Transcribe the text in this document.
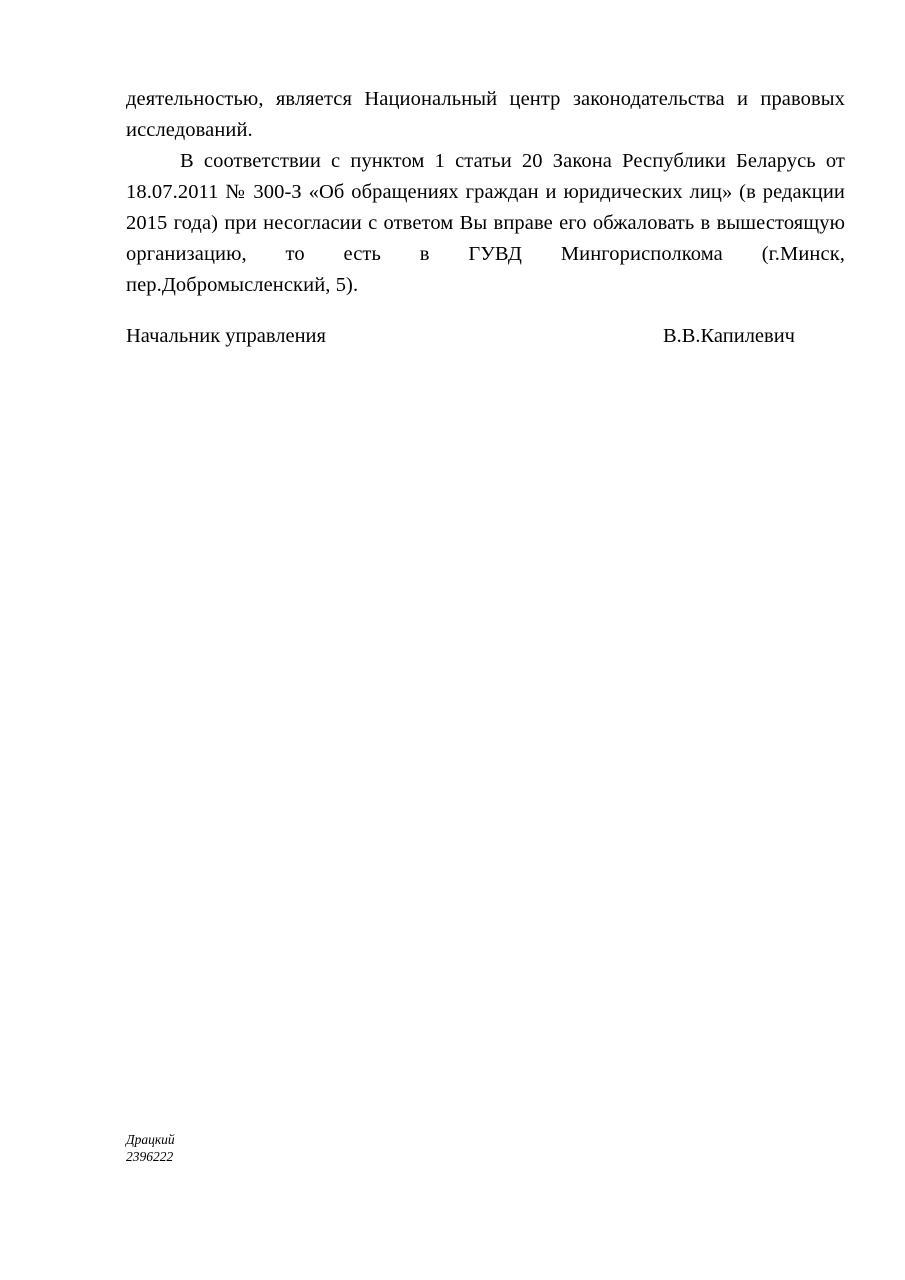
деятельностью, является Национальный центр законодательства и правовых исследований.

В соответствии с пунктом 1 статьи 20 Закона Республики Беларусь от 18.07.2011 № 300-З «Об обращениях граждан и юридических лиц» (в редакции 2015 года) при несогласии с ответом Вы вправе его обжаловать в вышестоящую организацию, то есть в ГУВД Мингорисполкома (г.Минск, пер.Добромысленский, 5).

Начальник управления	В.В.Капилевич
Драцкий
2396222
